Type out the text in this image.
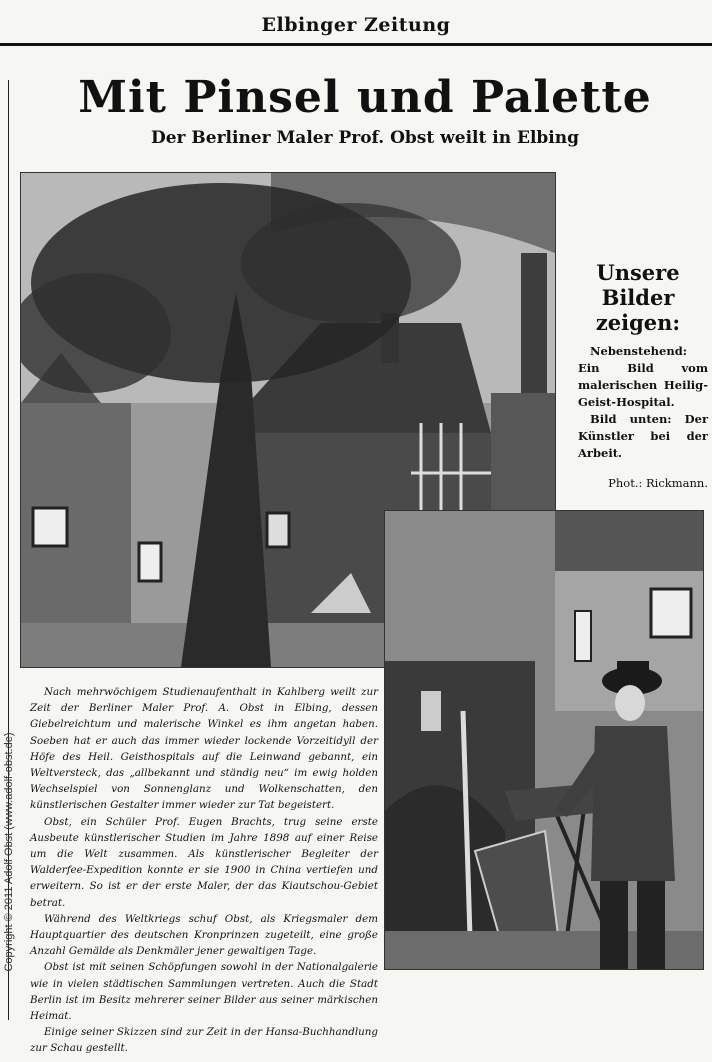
Elbinger Zeitung
Copyright © 2011 Adolf Obst (www.adolf-obst.de)
Mit Pinsel und Palette
Der Berliner Maler Prof. Obst weilt in Elbing
Unsere Bilder
zeigen:

Nebenstehend: Ein Bild vom malerischen Heilig-Geist-Hospital.

Bild unten: Der Künstler bei der Arbeit.

Phot.: Rickmann.

Nach mehrwöchigem Studienaufenthalt in Kahlberg weilt zur Zeit der Berliner Maler Prof. A. Obst in Elbing, dessen Giebelreichtum und malerische Winkel es ihm angetan haben. Soeben hat er auch das immer wieder lockende Vorzeitidyll der Höfe des Heil. Geisthospitals auf die Leinwand gebannt, ein Weltversteck, das „allbekannt und ständig neu“ im ewig holden Wechselspiel von Sonnenglanz und Wolkenschatten, den künstlerischen Gestalter immer wieder zur Tat begeistert.

Obst, ein Schüler Prof. Eugen Brachts, trug seine erste Ausbeute künstlerischer Studien im Jahre 1898 auf einer Reise um die Welt zusammen. Als künstlerischer Begleiter der Walderfee-Expedition konnte er sie 1900 in China vertiefen und erweitern. So ist er der erste Maler, der das Kiautschou-Gebiet betrat.

Während des Weltkriegs schuf Obst, als Kriegsmaler dem Hauptquartier des deutschen Kronprinzen zugeteilt, eine große Anzahl Gemälde als Denkmäler jener gewaltigen Tage.

Obst ist mit seinen Schöpfungen sowohl in der Nationalgalerie wie in vielen städtischen Sammlungen vertreten. Auch die Stadt Berlin ist im Besitz mehrerer seiner Bilder aus seiner märkischen Heimat.

Einige seiner Skizzen sind zur Zeit in der Hansa-Buchhandlung zur Schau gestellt.
